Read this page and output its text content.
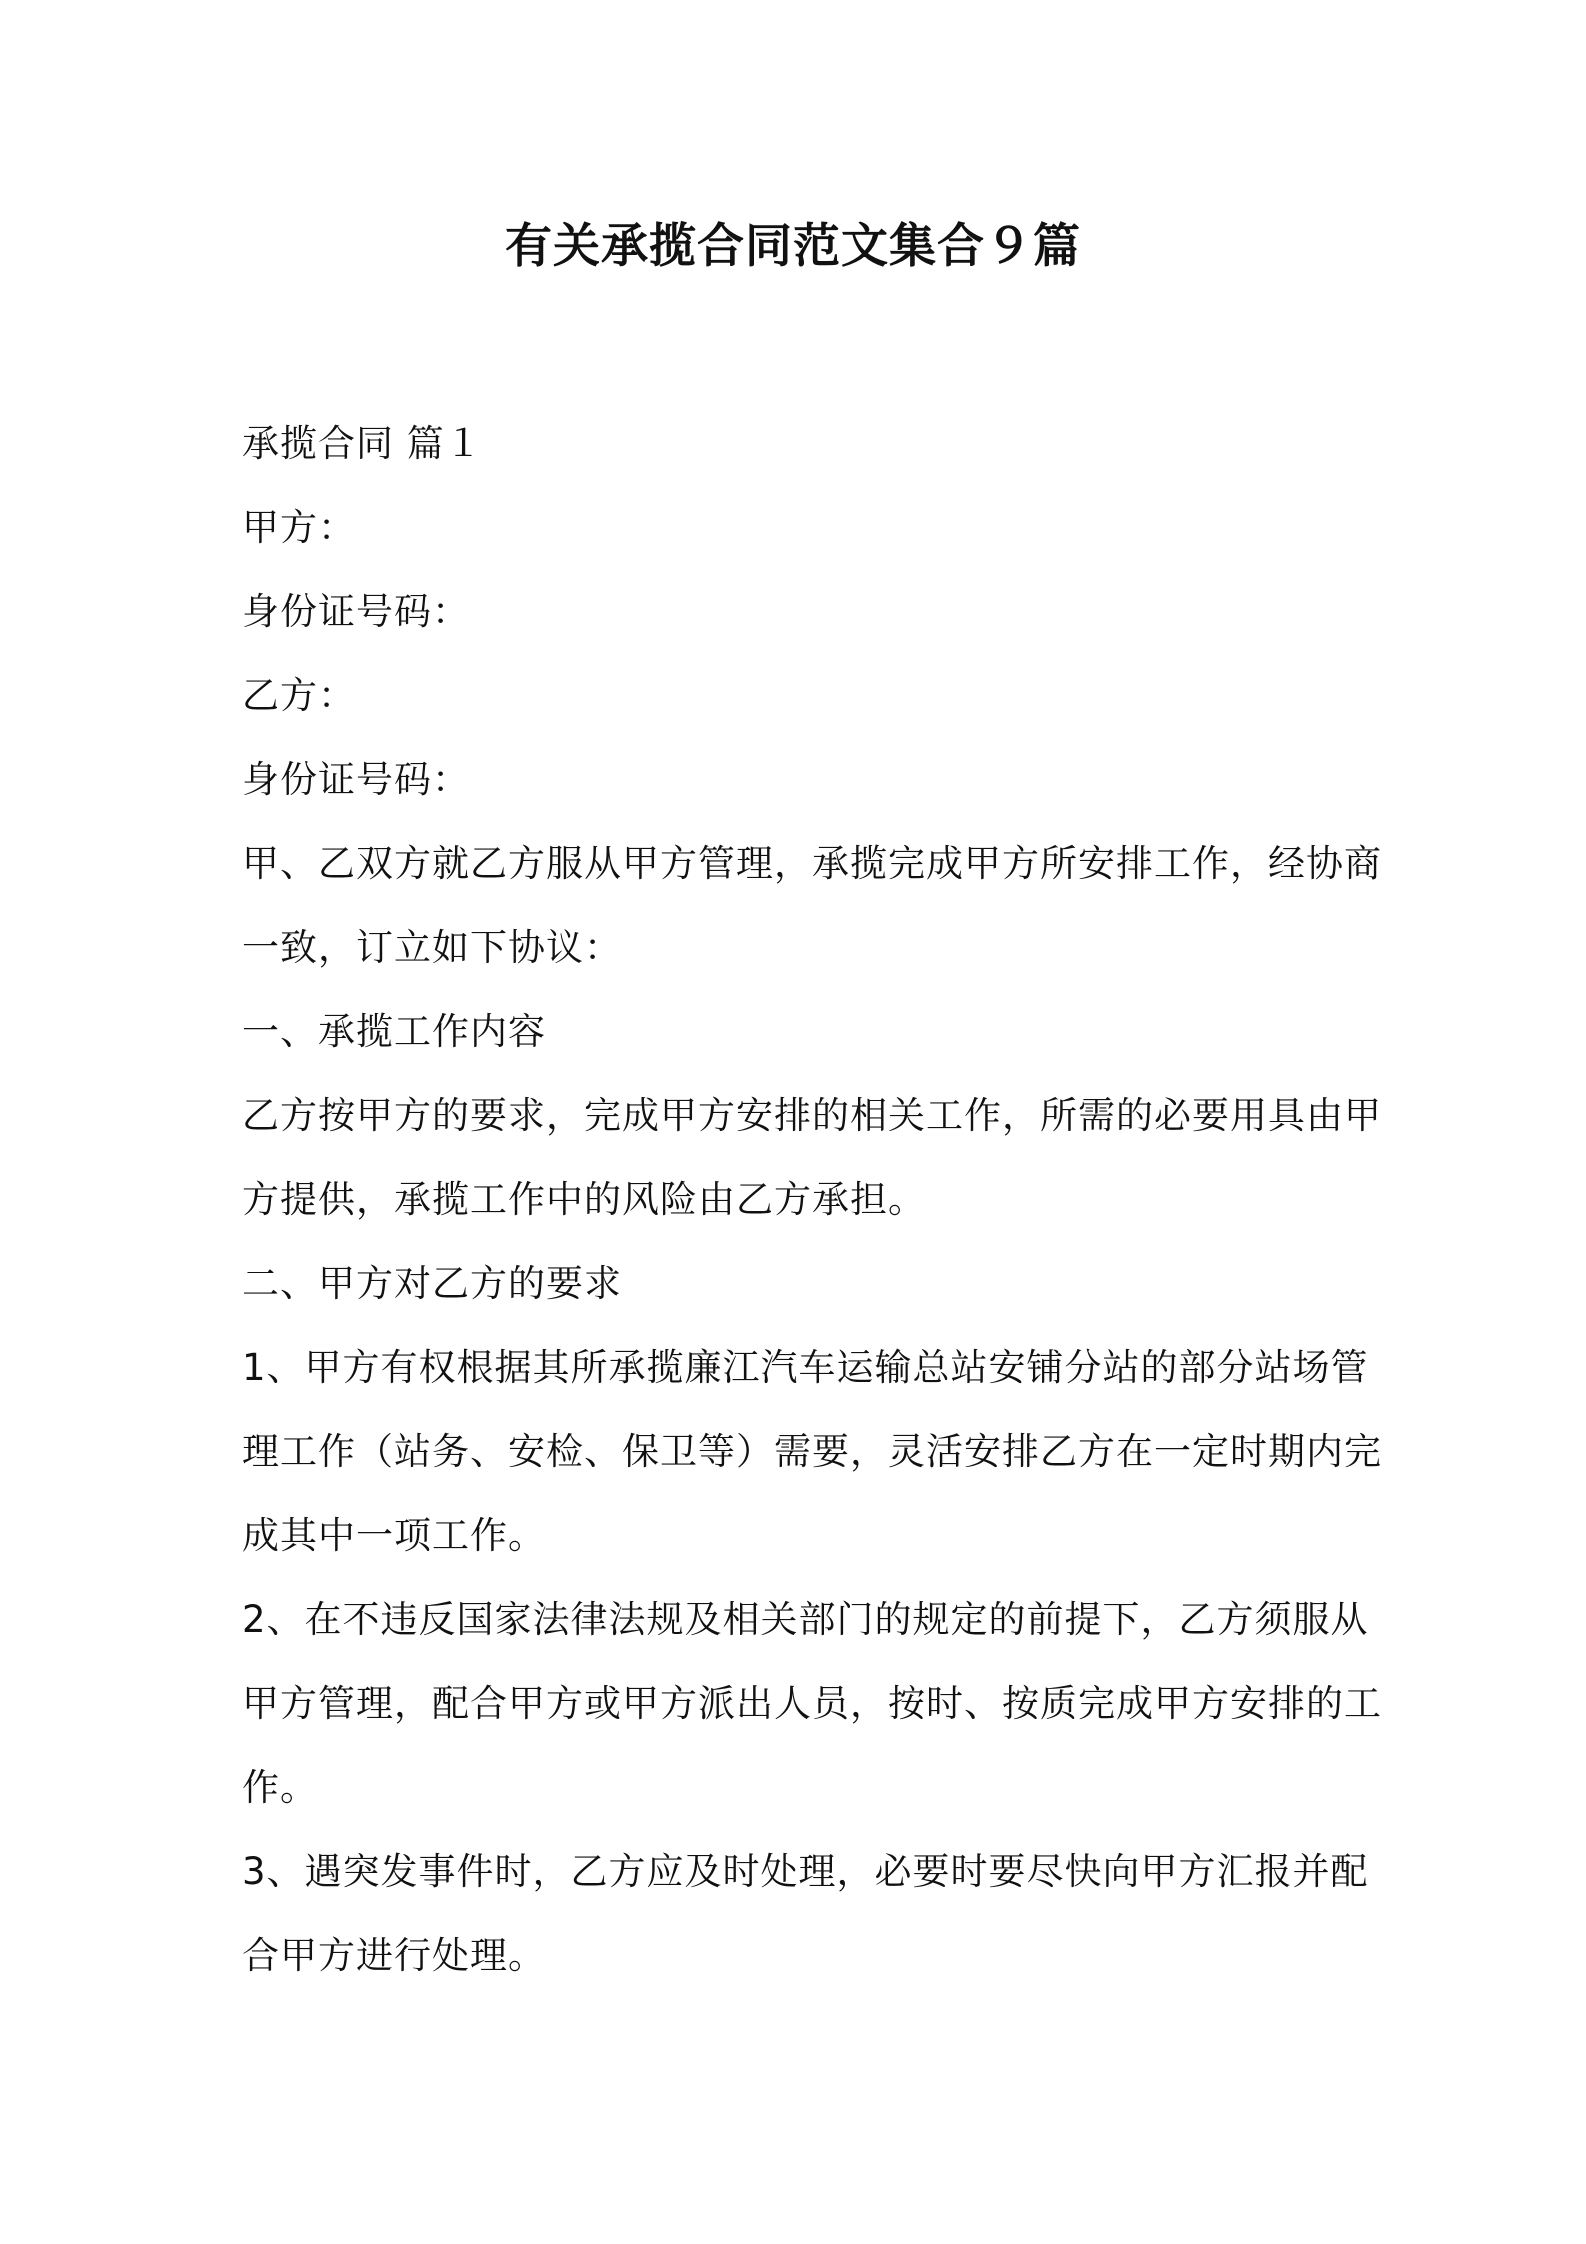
有关承揽合同范文集合９篇

承揽合同 篇１

甲方：

身份证号码：

乙方：

身份证号码：

甲、乙双方就乙方服从甲方管理，承揽完成甲方所安排工作，经协商

一致，订立如下协议：

一、承揽工作内容

乙方按甲方的要求，完成甲方安排的相关工作，所需的必要用具由甲

方提供，承揽工作中的风险由乙方承担。

二、甲方对乙方的要求

1、甲方有权根据其所承揽廉江汽车运输总站安铺分站的部分站场管

理工作（站务、安检、保卫等）需要，灵活安排乙方在一定时期内完

成其中一项工作。

2、在不违反国家法律法规及相关部门的规定的前提下，乙方须服从

甲方管理，配合甲方或甲方派出人员，按时、按质完成甲方安排的工

作。

3、遇突发事件时，乙方应及时处理，必要时要尽快向甲方汇报并配

合甲方进行处理。
